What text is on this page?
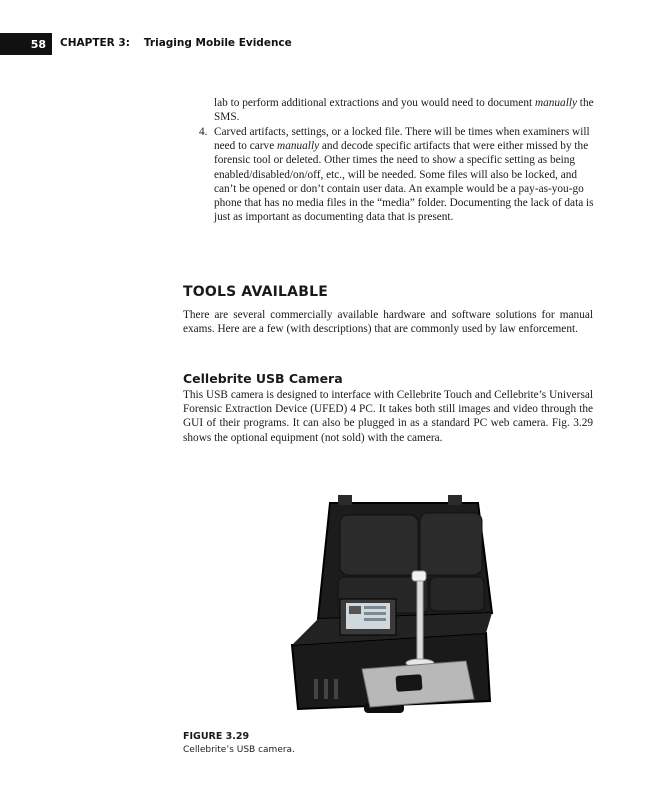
58	CHAPTER 3: Triaging Mobile Evidence
lab to perform additional extractions and you would need to document manually the SMS.
4. Carved artifacts, settings, or a locked file. There will be times when examiners will need to carve manually and decode specific artifacts that were either missed by the forensic tool or deleted. Other times the need to show a specific setting as being enabled/disabled/on/off, etc., will be needed. Some files will also be locked, and can’t be opened or don’t contain user data. An example would be a pay-as-you-go phone that has no media files in the “media” folder. Documenting the lack of data is just as important as documenting data that is present.
TOOLS AVAILABLE
There are several commercially available hardware and software solutions for manual exams. Here are a few (with descriptions) that are commonly used by law enforcement.
Cellebrite USB Camera
This USB camera is designed to interface with Cellebrite Touch and Cellebrite’s Universal Forensic Extraction Device (UFED) 4 PC. It takes both still images and video through the GUI of their programs. It can also be plugged in as a standard PC web camera. Fig. 3.29 shows the optional equipment (not sold) with the camera.
FIGURE 3.29
Cellebrite’s USB camera.
